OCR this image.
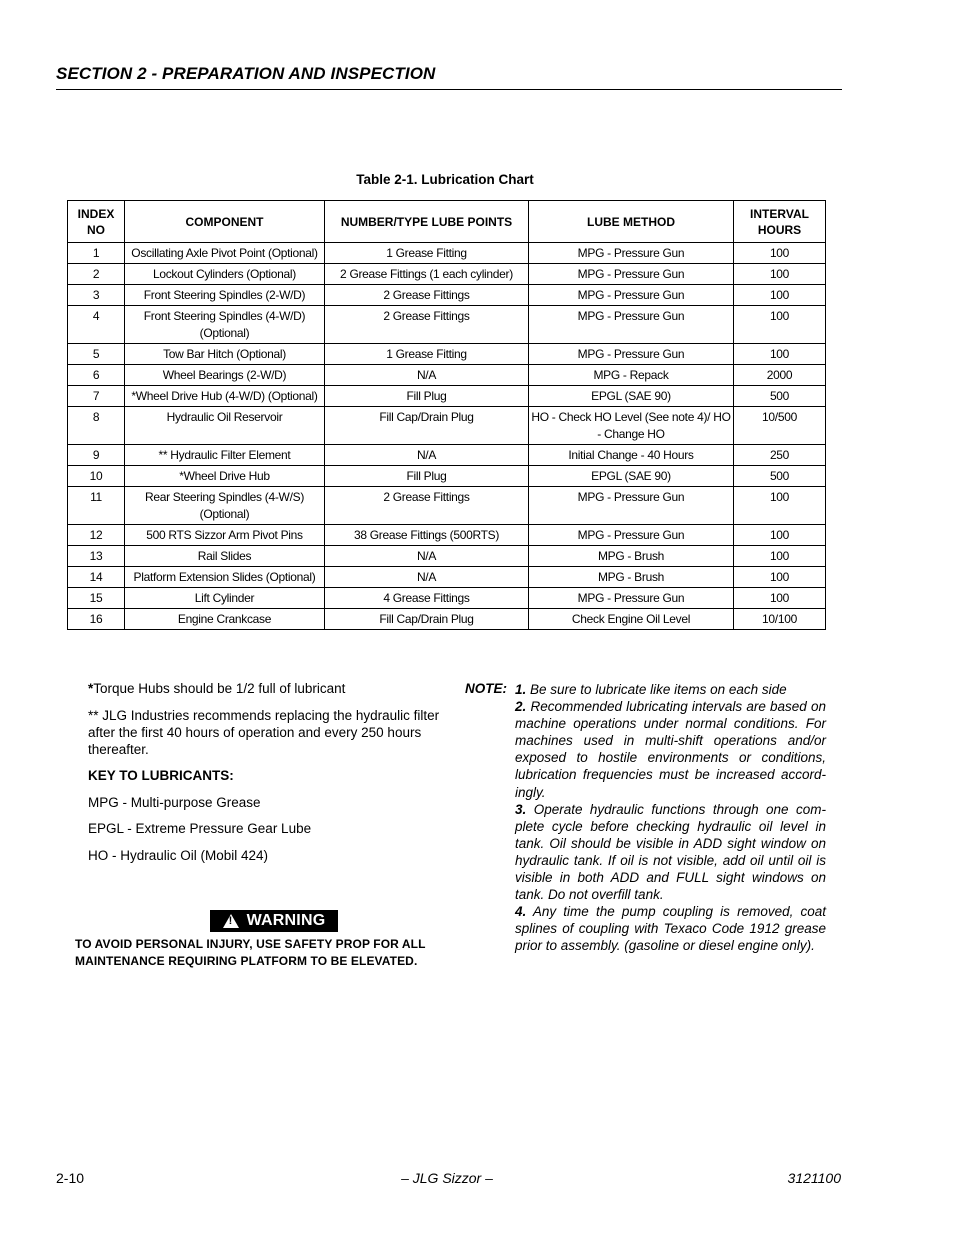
SECTION 2 - PREPARATION AND INSPECTION
Table 2-1. Lubrication Chart
INDEX NO	COMPONENT	NUMBER/TYPE LUBE POINTS	LUBE METHOD	INTERVAL HOURS
1	Oscillating Axle Pivot Point (Optional)	1 Grease Fitting	MPG - Pressure Gun	100
2	Lockout Cylinders (Optional)	2 Grease Fittings (1 each cylinder)	MPG - Pressure Gun	100
3	Front Steering Spindles (2-W/D)	2 Grease Fittings	MPG - Pressure Gun	100
4	Front Steering Spindles (4-W/D) (Optional)	2 Grease Fittings	MPG - Pressure Gun	100
5	Tow Bar Hitch (Optional)	1 Grease Fitting	MPG - Pressure Gun	100
6	Wheel Bearings (2-W/D)	N/A	MPG - Repack	2000
7	*Wheel Drive Hub (4-W/D) (Optional)	Fill Plug	EPGL (SAE 90)	500
8	Hydraulic Oil Reservoir	Fill Cap/Drain Plug	HO - Check HO Level (See note 4)/ HO - Change HO	10/500
9	** Hydraulic Filter Element	N/A	Initial Change - 40 Hours	250
10	*Wheel Drive Hub	Fill Plug	EPGL (SAE 90)	500
11	Rear Steering Spindles (4-W/S) (Optional)	2 Grease Fittings	MPG - Pressure Gun	100
12	500 RTS Sizzor Arm Pivot Pins	38 Grease Fittings (500RTS)	MPG - Pressure Gun	100
13	Rail Slides	N/A	MPG - Brush	100
14	Platform Extension Slides (Optional)	N/A	MPG - Brush	100
15	Lift Cylinder	4 Grease Fittings	MPG - Pressure Gun	100
16	Engine Crankcase	Fill Cap/Drain Plug	Check Engine Oil Level	10/100

*Torque Hubs should be 1/2 full of lubricant

** JLG Industries recommends replacing the hydraulic filter after the first 40 hours of operation and every 250 hours thereafter.

KEY TO LUBRICANTS:

MPG - Multi-purpose Grease

EPGL - Extreme Pressure Gear Lube

HO - Hydraulic Oil (Mobil 424)

! WARNING
TO AVOID PERSONAL INJURY, USE SAFETY PROP FOR ALL MAINTENANCE REQUIRING PLATFORM TO BE ELEVATED.
NOTE: 1. Be sure to lubricate like items on each side

2. Recommended lubricating intervals are based on machine operations under normal conditions. For machines used in multi-shift operations and/or exposed to hostile environments or conditions, lubrication frequencies must be increased accord-ingly.

3. Operate hydraulic functions through one com-plete cycle before checking hydraulic oil level in tank. Oil should be visible in ADD sight window on hydraulic tank. If oil is not visible, add oil until oil is visible in both ADD and FULL sight windows on tank. Do not overfill tank.

4. Any time the pump coupling is removed, coat splines of coupling with Texaco Code 1912 grease prior to assembly. (gasoline or diesel engine only).

2-10	– JLG Sizzor –	3121100
